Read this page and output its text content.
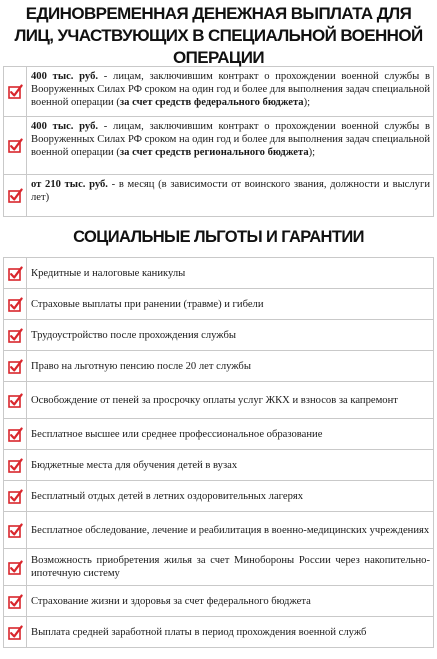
ЕДИНОВРЕМЕННАЯ ДЕНЕЖНАЯ ВЫПЛАТА ДЛЯ
ЛИЦ, УЧАСТВУЮЩИХ В СПЕЦИАЛЬНОЙ ВОЕННОЙ
ОПЕРАЦИИ
400 тыс. руб. - лицам, заключившим контракт о прохождении военной службы в Вооруженных Силах РФ сроком на один год и более для выполнения задач специальной военной операции (за счет средств федерального бюджета);
400 тыс. руб. - лицам, заключившим контракт о прохождении военной службы в Вооруженных Силах РФ сроком на один год и более для выполнения задач специальной военной операции (за счет средств регионального бюджета);
от 210 тыс. руб. - в месяц (в зависимости от воинского звания, должности и выслуги лет)
СОЦИАЛЬНЫЕ ЛЬГОТЫ И ГАРАНТИИ
Кредитные и налоговые каникулы
Страховые выплаты при ранении (травме) и гибели
Трудоустройство после прохождения службы
Право на льготную пенсию после 20 лет службы
Освобождение от пеней за просрочку оплаты услуг ЖКХ и взносов за капремонт
Бесплатное высшее или среднее профессиональное образование
Бюджетные места для обучения детей в вузах
Бесплатный отдых детей в летних оздоровительных лагерях
Бесплатное обследование, лечение и реабилитация в военно-медицинских учреждениях
Возможность приобретения жилья за счет Минобороны России через накопительно-ипотечную систему
Страхование жизни и здоровья за счет федерального бюджета
Выплата средней заработной платы в период прохождения военной служб
